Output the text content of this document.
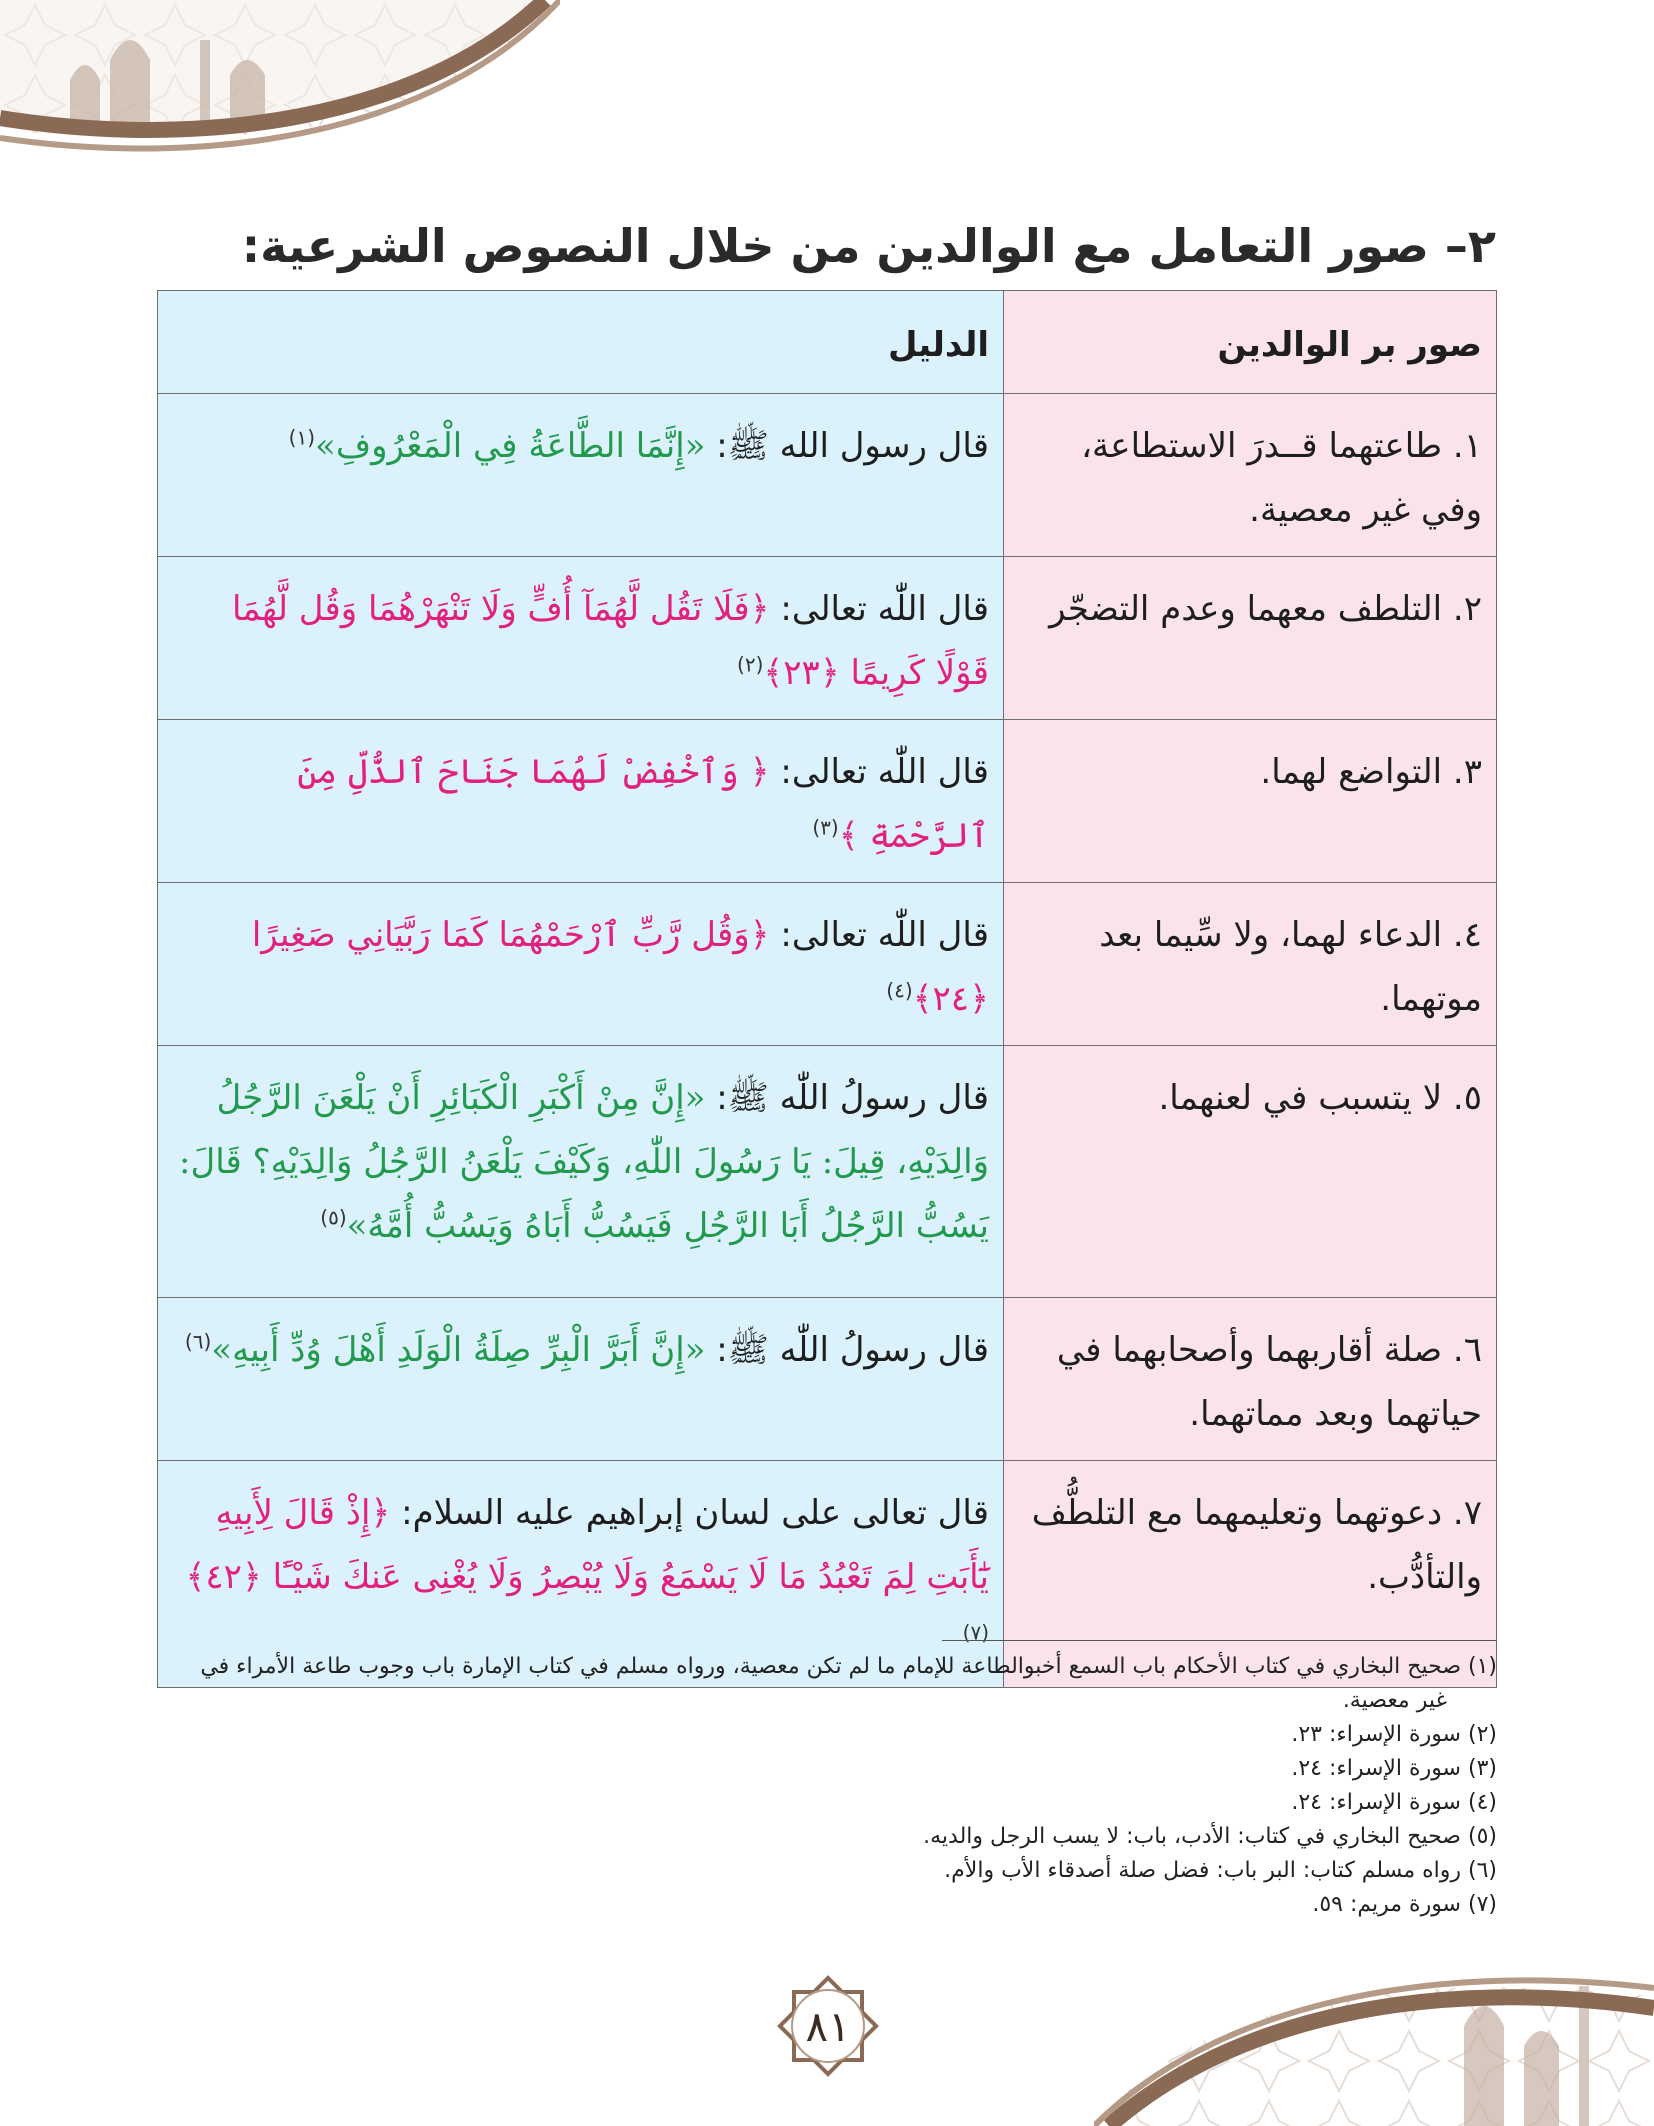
٢– صور التعامل مع الوالدين من خلال النصوص الشرعية:
صور بر الوالدين	الدليل
١. طاعتهما قــدرَ الاستطاعة، وفي غير معصية.	قال رسول الله ﷺ: «إِنَّمَا الطَّاعَةُ فِي الْمَعْرُوفِ»$^{(١)}$
٢. التلطف معهما وعدم التضجّر	قال اللّٰه تعالى: ﴿فَلَا تَقُل لَّهُمَآ أُفٍّ وَلَا تَنْهَرْهُمَا وَقُل لَّهُمَا قَوْلًا كَرِيمًا ﴿٢٣﴾$^{(٢)}$
٣. التواضع لهما.	قال اللّٰه تعالى: ﴿ وَٱخْفِضْ لَهُمَا جَنَاحَ ٱلذُّلِّ مِنَ ٱلرَّحْمَةِ ﴾$^{(٣)}$
٤. الدعاء لهما، ولا سِّيما بعد موتهما.	قال اللّٰه تعالى: ﴿وَقُل رَّبِّ ٱرْحَمْهُمَا كَمَا رَبَّيَانِي صَغِيرًا ﴿٢٤﴾$^{(٤)}$
٥. لا يتسبب في لعنهما.	قال رسولُ اللّٰه ﷺ: «إِنَّ مِنْ أَكْبَرِ الْكَبَائِرِ أَنْ يَلْعَنَ الرَّجُلُ وَالِدَيْهِ، قِيلَ: يَا رَسُولَ اللّٰهِ، وَكَيْفَ يَلْعَنُ الرَّجُلُ وَالِدَيْهِ؟ قَالَ: يَسُبُّ الرَّجُلُ أَبَا الرَّجُلِ فَيَسُبُّ أَبَاهُ وَيَسُبُّ أُمَّهُ»$^{(٥)}$
٦. صلة أقاربهما وأصحابهما في حياتهما وبعد مماتهما.	قال رسولُ اللّٰه ﷺ: «إِنَّ أَبَرَّ الْبِرِّ صِلَةُ الْوَلَدِ أَهْلَ وُدِّ أَبِيهِ»$^{(٦)}$
٧. دعوتهما وتعليمهما مع التلطُّف والتأدُّب.	قال تعالى على لسان إبراهيم عليه السلام: ﴿إِذْ قَالَ لِأَبِيهِ يَٰٓأَبَتِ لِمَ تَعْبُدُ مَا لَا يَسْمَعُ وَلَا يُبْصِرُ وَلَا يُغْنِى عَنكَ شَيْـًٔا ﴿٤٢﴾$^{(٧)}$

(١) صحيح البخاري في كتاب الأحكام باب السمع أخبوالطاعة للإمام ما لم تكن معصية، ورواه مسلم في كتاب الإمارة باب وجوب طاعة الأمراء في

غير معصية.

(٢) سورة الإسراء: ٢٣.

(٣) سورة الإسراء: ٢٤.

(٤) سورة الإسراء: ٢٤.

(٥) صحيح البخاري في كتاب: الأدب، باب: لا يسب الرجل والديه.

(٦) رواه مسلم كتاب: البر باب: فضل صلة أصدقاء الأب والأم.

(٧) سورة مريم: ٥٩.

٨١
